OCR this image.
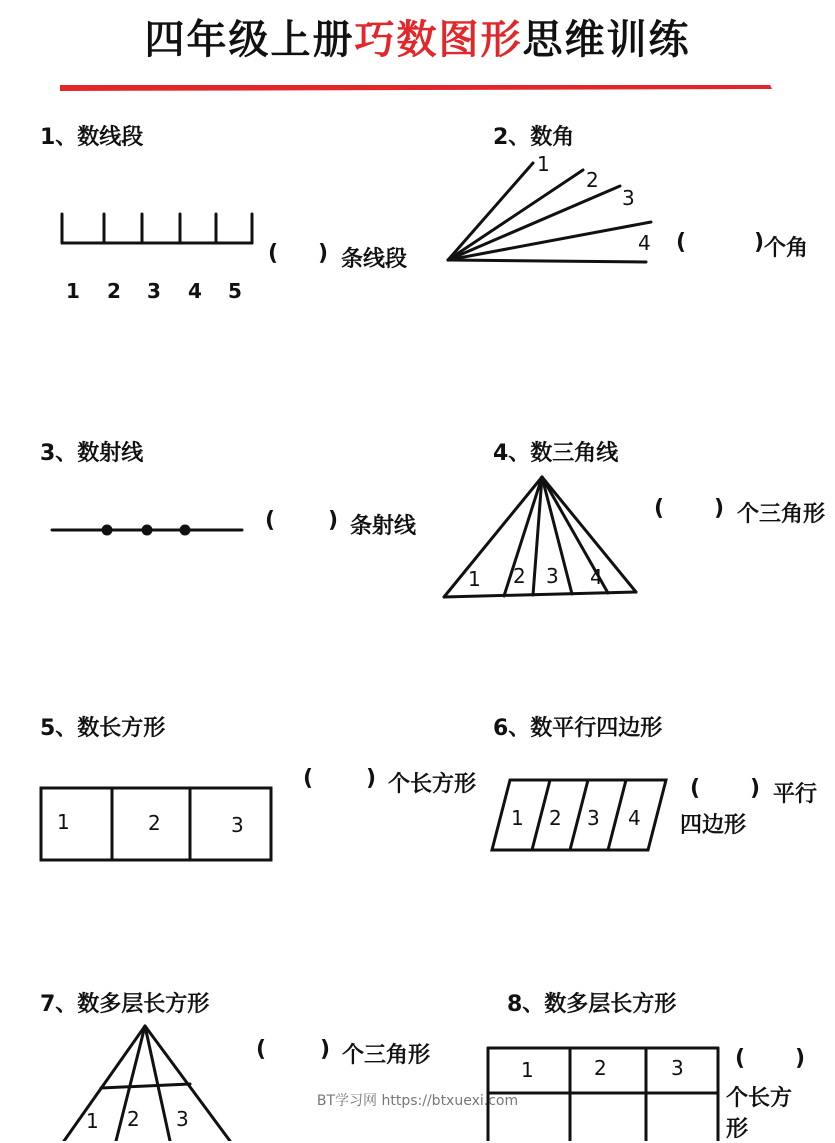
四年级上册巧数图形思维训练
1、数线段
1 2 3 4 5
( ) 条线段
2、数角
1
2
3
4 (	) 个角
3、数射线
( ) 条射线
4、数三角线
1 2 3 4
( ) 个三角形
5、数长方形
1	2	3
( ) 个长方形
6、数平行四边形
1 2 3 4
( ) 平行
四边形
7、数多层长方形
1 2 3
( ) 个三角形
8、数多层长方形
1	2	3 ( )
个长方
形
BT学习网 https://btxuexi.com
